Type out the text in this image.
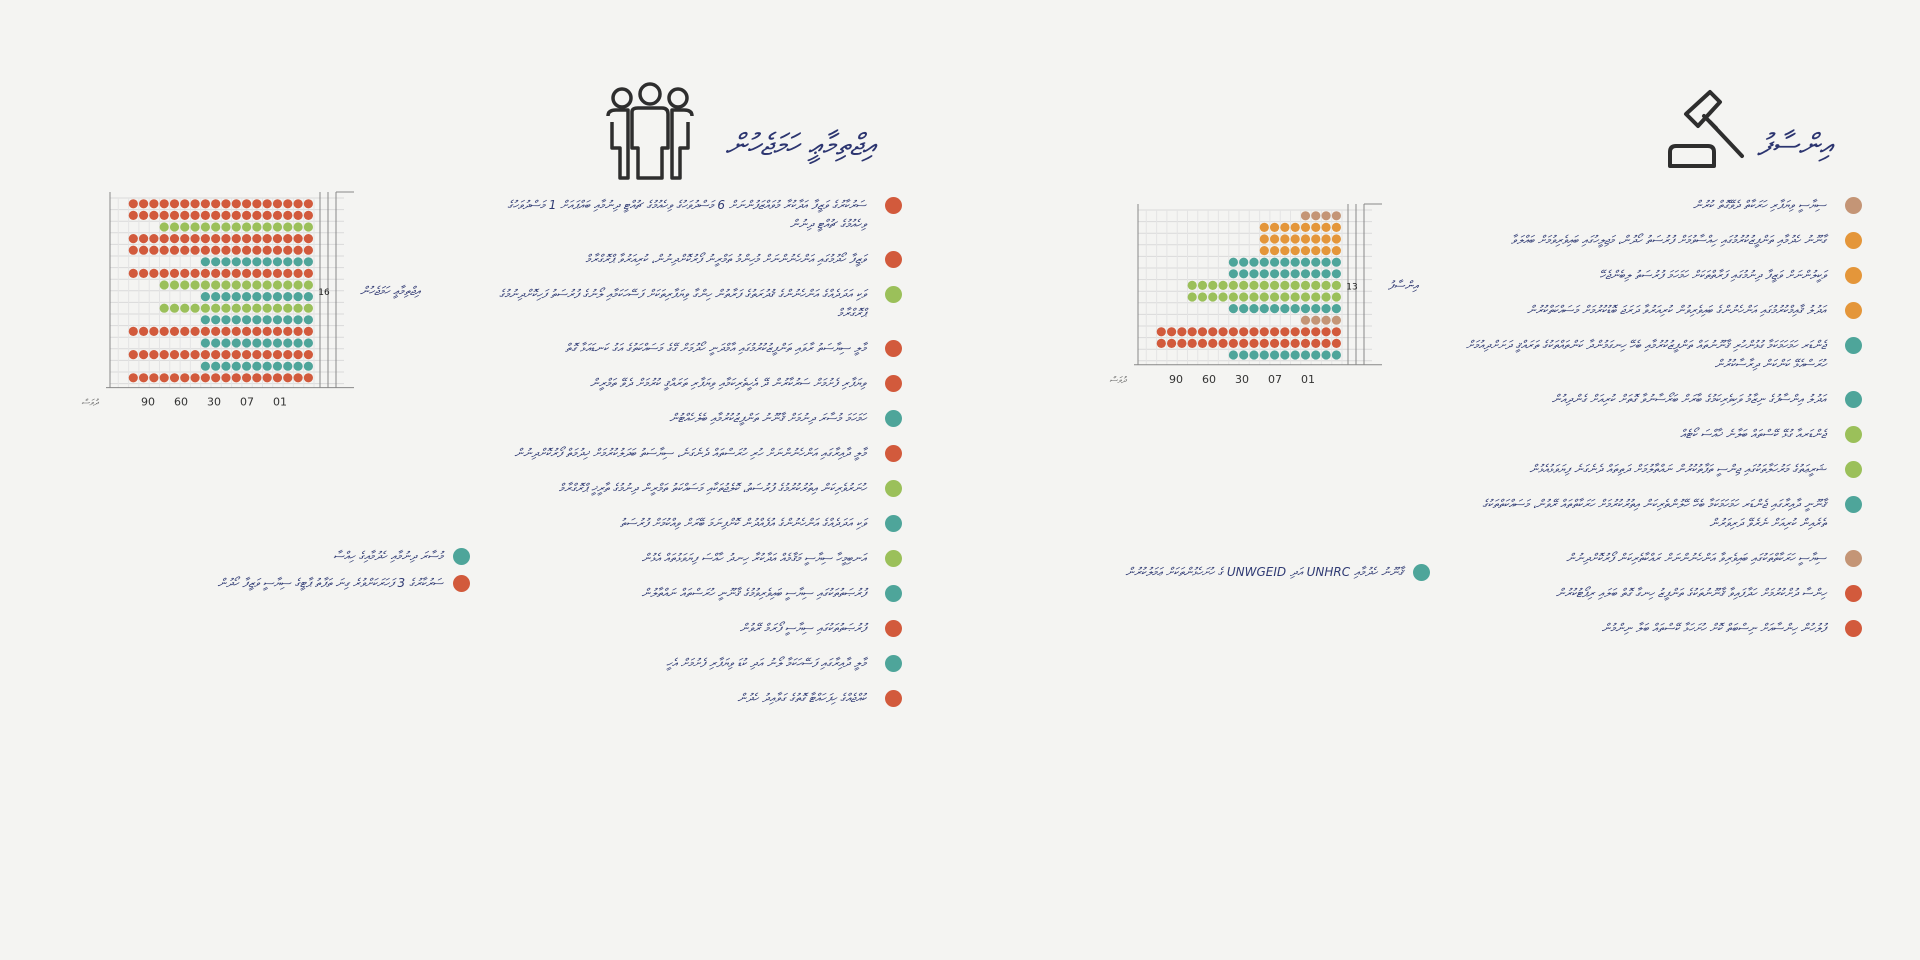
އިޖްތިމާޢީ ހަމަޖެހުން
ސަރުކާރުގެ ވަޒީފާ އަދާކުރާ މުވައްޒަފުންނަށް 6 މަސްދުވަހުގެ ވިހެއުމުގެ ޗުއްޓީ ދިނުމާއި ބައްޕައަށް 1 މަސްދުވަހުގެ ވިހެއުމުގެ ޗުއްޓީ ދިނުން
ވަޒީފާ ހޯދުމުގައި އަންހެނުންނަށް މުހިންމު ތަމްރީނު ފޯރުކޮށްދިނުން، ކުރިއަރުވާ ޕްރޮގްރާމް
ވަކި އަދަދެއްގެ އަންހެނުންގެ ޤުދުރަތުގެ ފަރާތުން ހިންގާ ވިޔަފާރިތަކަށް ފަސޭހަކަމާއި ލޯނުގެ ފުރުސަތު ފަހިކޮށްދިނުމުގެ ޕްރޮގްރާމް
މާލީ ސިޔާސަތު ރާވައި ތަންފީޒުކުރުމުގައި އާމްދަނީ ހޯދުމަށް ގޭގެ މަސައްކަތުގެ އަގު ކަނޑައަޅާ ގޮތް
ވިޔަފާރި ފެށުމަށް ސަރުކާރުން ދޭ އެހީތެރިކަމާއި ވިޔަފާރި ތަރައްޤީ ކުރުމަށް ދެވޭ ތަމްރީން
ހަމަހަމަ މުސާރަ ދިނުމަށް ޤާނޫނު ތަންފީޒުކުރުމާއި ބެލެހެއްޓުން
މާލީ ދާއިރާގައި އަންހެނުންނަށް ހުރި ހުރަސްތައް ދެނެގަނެ، ސިޔާސަތު ބަދަލުކުރުމަށް ޚިދުމަތް ފޯރުކޮށްދިނުން
ހުނަރުވެރިކަން އިތުރުކުރުމުގެ ފުރުސަތު، ކޮލެޖުތަކާއި މަސައްކަތު ތަމްރީން ދިނުމުގެ ތާރީޚީ ޕްރޮގްރާމް
ވަކި އަދަދެއްގެ އަންހެނުންގެ އުފެއްދުން ކޮށްފިނަމަ ބޭރަށް ވިއްކުމަށް ފުރުސަތު
އަނބިމީހާ ސިޔާސީ މަޤާމެއް އަދާކުރާ ހިނދު ހާއްސަ ފިޔަވަޅުތައް އެޅުން
ފުރުޞަތުތަކުގައި ސިޔާސީ ބައިވެރިވުމުގެ ޤާނޫނީ ހުރަސްތައް ނައްތާލުން
ފުރުޞަތުތަކުގައި ސިޔާސީ ފޯރަމް ރޭވުން
މާލީ ދާއިރާގައި ފަސޭހަކަމާ ލޯނު އަދި ކުޑަ ވިޔަފާރި ފެށުމަށް އެހީ
ކުއްޖެއްގެ ހިފަހައްޓާ ގޮތުގެ ގަވާއިދު ހެދުން
މުސާރަ ދިނުމާއި ހެދުމާއިގެ ހިއްސާ
ސަރުކާރުގެ 3 ފަހަރަކަށްވުރެ ގިނަ ތަފާތު ޕާޓީގެ ސިޔާސީ ވަޒީފާ ހޯދުން
16	އިޖްތިމާޢީ ހަމަޖެހުން
01
07
30
60
90
ދުވަސް
އިންސާފު
ސިޔާސީ ވިޔަފާރި ހަރަކާތް ދެވޭގޮތް ކުރުން
ގާނޫނު ހެދުމާއި ތަންފީޒުކުރުމުގައި ހިއްސާވުމަށް ފުރުސަތު ހޯދުން، މަޖިލީހުގައި ބައިވެރިވުމަށް ބައްލަވާ
ވަކީލުންނަށް ވަޒީފާ ދިނުމުގައި ފަރާތްތަކަށް ހަމަހަމަ ފުރުސަތު ލިބެންޖެހޭ
އަދުލު ޤާއިމްކުރުމުގައި އަންހެނުންގެ ބައިވެރިވުން ކުރިއަރުވާ ދަރަޖަ ބޮޑުކުރުމަށް މަސައްކަތްކުރުން
ޖެންޑަރ ހަމަހަމަކަމާ ގުޅުންހުރި ޤާނޫނުތައް ތަންފީޒުކުރުމާއި ބެހޭ ހިނގަމުންދާ ކަންތައްތަކުގެ ތަރައްޤީ ދަށަށްދިއުމަށް ހުރަސްއެޅޭ ކަންކަން ދިރާސާކުރުން
އަދުލު އިންސާފުގެ ނިޒާމު ވަކިވެރިކަމުގެ ބާރަށް ބަރޯސާނުވާ ގޮތަށް ކުރިއަށް ގެންދިއުން
ޖެންޑަރއާ ގުޅޭ ކޭސްތައް ބަލާނެ ޚާއްސަ ކޯޓެއް
ޝަރީޢަތުގެ މަރުހަލާތަކުގައި ޖިންސީ ތަފާތުކުރުން ނައްތާލުމަށް ދަތިތައް ދެނެގަނެ ފިޔަވަޅުއެޅުން
ޤާނޫނީ ދާއިރާގައި ޖެންޑަރ ހަމަހަމަކަމާ ބެހޭ ހޭލުންތެރިކަން އިތުރުކުރުމަށް ހަރަކާތްތައް ރޭވުން، މަސައްކަތްތަކުގެ ތެރެއިން ކުރިއަށް ނެރެވޭ ދަރިވަރުން
ސިޔާސީ ހަރަކާތްތަކުގައި ބައިވެރިވާ އަންހެނުންނަށް ރައްކާތެރިކަން ފޯރުކޮށްދިނުން
ހިންސާ ދުށްކުރުމަށް ހަދާފައިވާ ޤާނޫނުތަކުގެ ތަންފީޒު ހިނގާ ގޮތް ބަލައި ރިޕޯޓުކުރުން
ފުލުހުން ހިންސާއަށް ނިސްބަތް ކޮށް ހުށަހަޅާ ކޭސްތައް ބަލާ ނިންމުން
ޤާނޫނު ހެދުމާއި UNHRC އަދި UNWGEID ގެ ހުށަހެޅުންތަކަށް ޢަމަލުކުރުން
13	އިންސާފު
01
07
30
60
90
ދުވަސް
